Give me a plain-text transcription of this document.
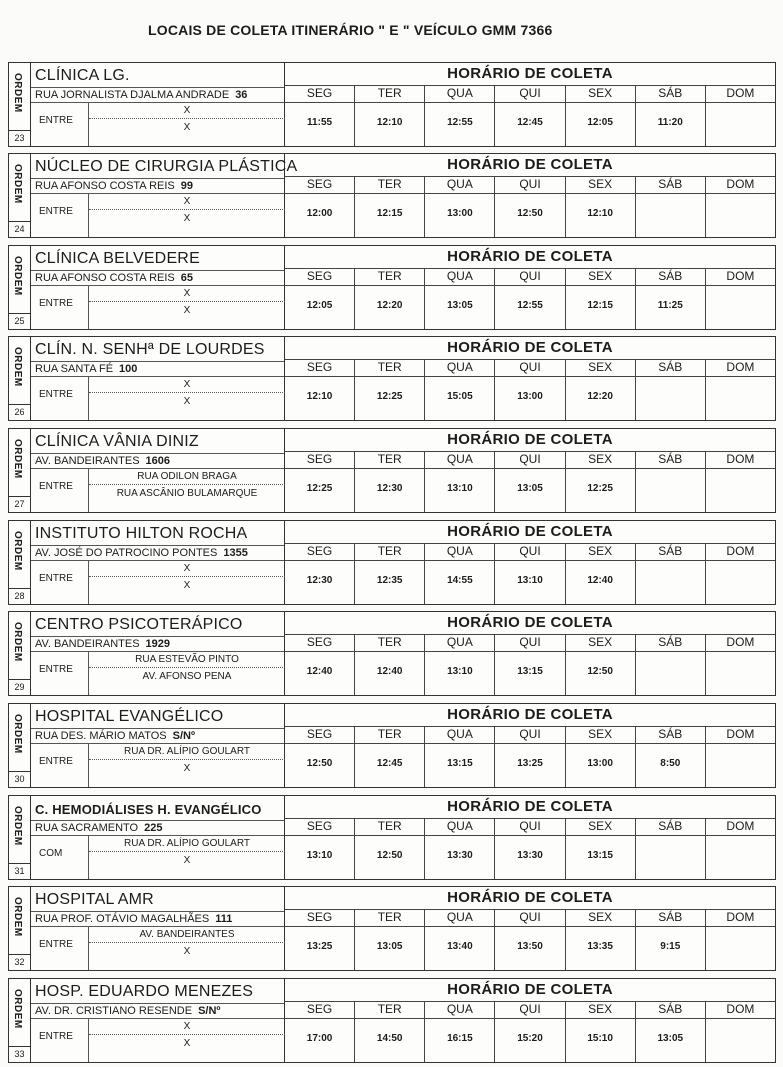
LOCAIS DE COLETA ITINERÁRIO " E " VEÍCULO GMM 7366
ORDEM
23
CLÍNICA LG.
RUA JORNALISTA DJALMA ANDRADE 36
ENTRE
X
X
HORÁRIO DE COLETA
SEG
11:55
TER
12:10
QUA
12:55
QUI
12:45
SEX
12:05
SÁB
11:20
DOM
ORDEM
24
NÚCLEO DE CIRURGIA PLÁSTICA
RUA AFONSO COSTA REIS 99
ENTRE
X
X
HORÁRIO DE COLETA
SEG
12:00
TER
12:15
QUA
13:00
QUI
12:50
SEX
12:10
SÁB	DOM
ORDEM
25
CLÍNICA BELVEDERE
RUA AFONSO COSTA REIS 65
ENTRE
X
X
HORÁRIO DE COLETA
SEG
12:05
TER
12:20
QUA
13:05
QUI
12:55
SEX
12:15
SÁB
11:25
DOM
ORDEM
26
CLÍN. N. SENHª DE LOURDES
RUA SANTA FÉ 100
ENTRE
X
X
HORÁRIO DE COLETA
SEG
12:10
TER
12:25
QUA
15:05
QUI
13:00
SEX
12:20
SÁB	DOM
ORDEM
27
CLÍNICA VÂNIA DINIZ
AV. BANDEIRANTES 1606
ENTRE
RUA ODILON BRAGA
RUA ASCÂNIO BULAMARQUE
HORÁRIO DE COLETA
SEG
12:25
TER
12:30
QUA
13:10
QUI
13:05
SEX
12:25
SÁB	DOM
ORDEM
28
INSTITUTO HILTON ROCHA
AV. JOSÉ DO PATROCINO PONTES 1355
ENTRE
X
X
HORÁRIO DE COLETA
SEG
12:30
TER
12:35
QUA
14:55
QUI
13:10
SEX
12:40
SÁB	DOM
ORDEM
29
CENTRO PSICOTERÁPICO
AV. BANDEIRANTES 1929
ENTRE
RUA ESTEVÃO PINTO
AV. AFONSO PENA
HORÁRIO DE COLETA
SEG
12:40
TER
12:40
QUA
13:10
QUI
13:15
SEX
12:50
SÁB	DOM
ORDEM
30
HOSPITAL EVANGÉLICO
RUA DES. MÁRIO MATOS S/Nº
ENTRE
RUA DR. ALÍPIO GOULART
X
HORÁRIO DE COLETA
SEG
12:50
TER
12:45
QUA
13:15
QUI
13:25
SEX
13:00
SÁB
8:50
DOM
ORDEM
31
C. HEMODIÁLISES H. EVANGÉLICO
RUA SACRAMENTO 225
COM
RUA DR. ALÍPIO GOULART
X
HORÁRIO DE COLETA
SEG
13:10
TER
12:50
QUA
13:30
QUI
13:30
SEX
13:15
SÁB	DOM
ORDEM
32
HOSPITAL AMR
RUA PROF. OTÁVIO MAGALHÃES 111
ENTRE
AV. BANDEIRANTES
X
HORÁRIO DE COLETA
SEG
13:25
TER
13:05
QUA
13:40
QUI
13:50
SEX
13:35
SÁB
9:15
DOM
ORDEM
33
HOSP. EDUARDO MENEZES
AV. DR. CRISTIANO RESENDE S/Nº
ENTRE
X
X
HORÁRIO DE COLETA
SEG
17:00
TER
14:50
QUA
16:15
QUI
15:20
SEX
15:10
SÁB
13:05
DOM
